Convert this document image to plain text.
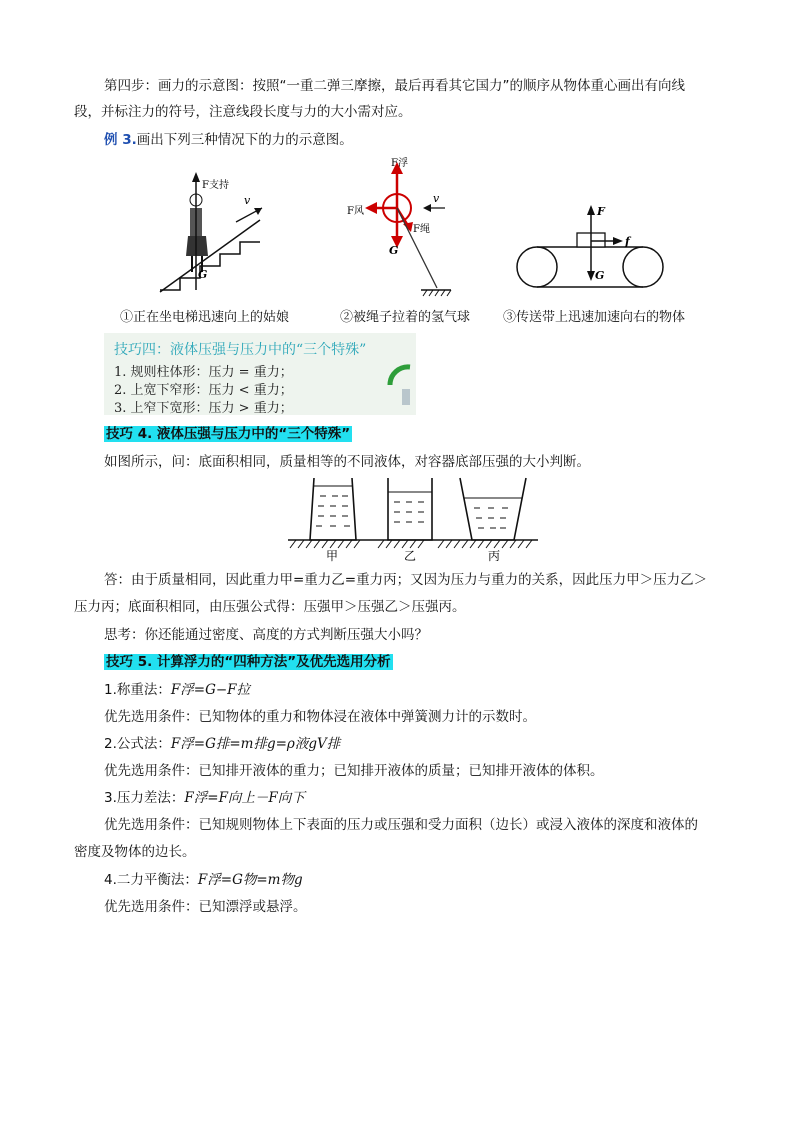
第四步：画力的示意图：按照“一重二弹三摩擦，最后再看其它国力”的顺序从物体重心画出有向线
段，并标注力的符号，注意线段长度与力的大小需对应。
例 3.画出下列三种情况下的力的示意图。
v
F支持
G
v
F浮
F风
F绳
G
F
f
G
①正在坐电梯迅速向上的姑娘	②被绳子拉着的氢气球	③传送带上迅速加速向右的物体
技巧四：液体压强与压力中的“三个特殊”
1. 规则柱体形：压力 = 重力；
2. 上宽下窄形：压力 < 重力；
3. 上窄下宽形：压力 > 重力；
技巧 4. 液体压强与压力中的“三个特殊”
如图所示，问：底面积相同，质量相等的不同液体，对容器底部压强的大小判断。
甲	乙	丙
答：由于质量相同，因此重力甲=重力乙=重力丙；又因为压力与重力的关系，因此压力甲＞压力乙＞
压力丙；底面积相同，由压强公式得：压强甲＞压强乙＞压强丙。
思考：你还能通过密度、高度的方式判断压强大小吗？
技巧 5. 计算浮力的“四种方法”及优先选用分析
1.称重法：F浮=G−F拉
优先选用条件：已知物体的重力和物体浸在液体中弹簧测力计的示数时。
2.公式法：F浮=G排=m排g=ρ液gV排
优先选用条件：已知排开液体的重力；已知排开液体的质量；已知排开液体的体积。
3.压力差法：F浮=F向上－F向下
优先选用条件：已知规则物体上下表面的压力或压强和受力面积（边长）或浸入液体的深度和液体的
密度及物体的边长。
4.二力平衡法：F浮=G物=m物g
优先选用条件：已知漂浮或悬浮。
